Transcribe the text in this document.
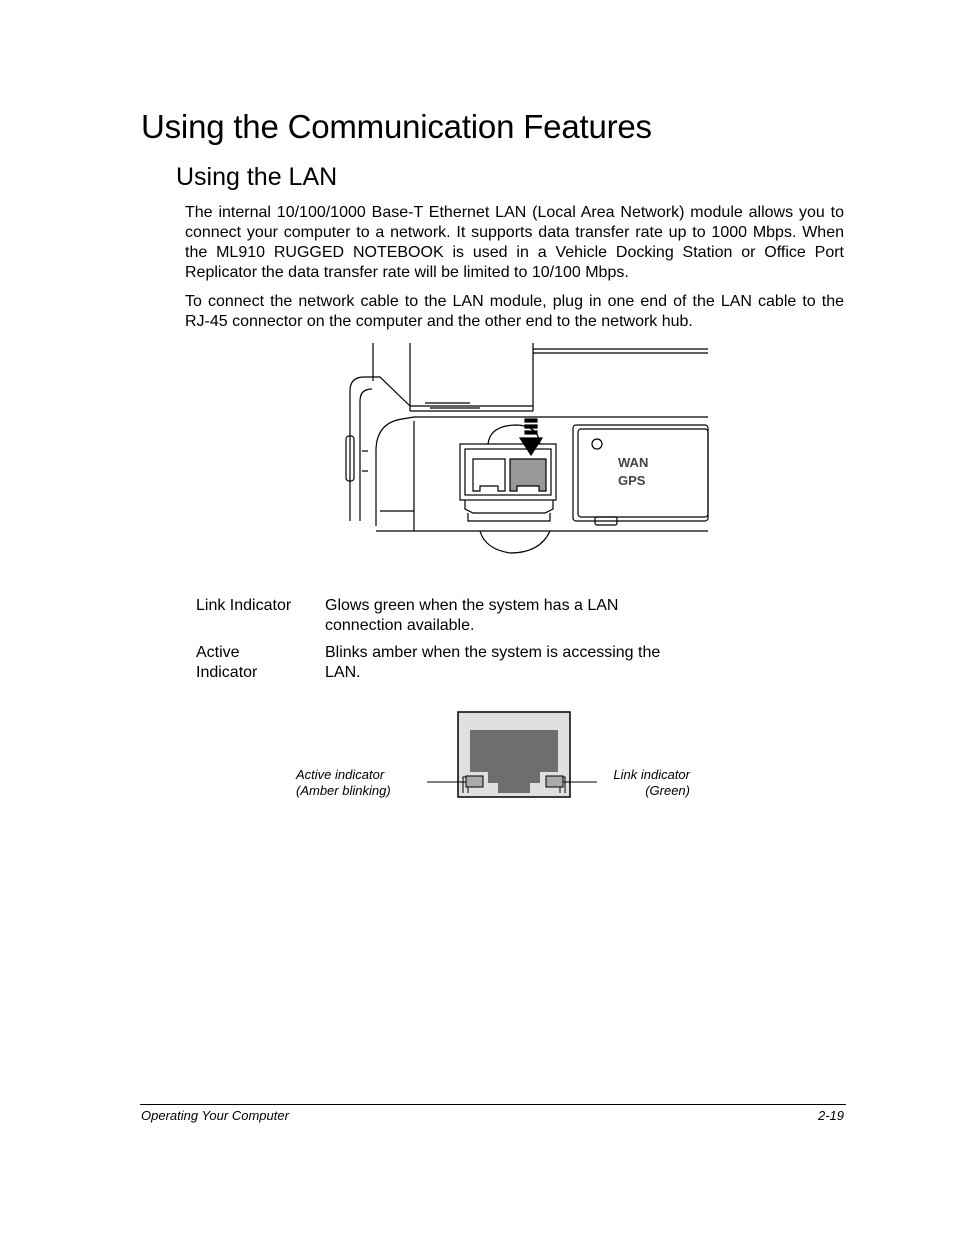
Using the Communication Features
Using the LAN

The internal 10/100/1000 Base-T Ethernet LAN (Local Area Network) module allows you to connect your computer to a network. It supports data transfer rate up to 1000 Mbps. When the ML910 RUGGED NOTEBOOK is used in a Vehicle Docking Station or Office Port Replicator the data transfer rate will be limited to 10/100 Mbps.

To connect the network cable to the LAN module, plug in one end of the LAN cable to the RJ-45 connector on the computer and the other end to the network hub.

WAN
GPS
Link Indicator	Glows green when the system has a LAN connection available.
Active Indicator
Blinks amber when the system is accessing the LAN.
Active indicator
(Amber blinking)
Link indicator
(Green)
Operating Your Computer	2-19
